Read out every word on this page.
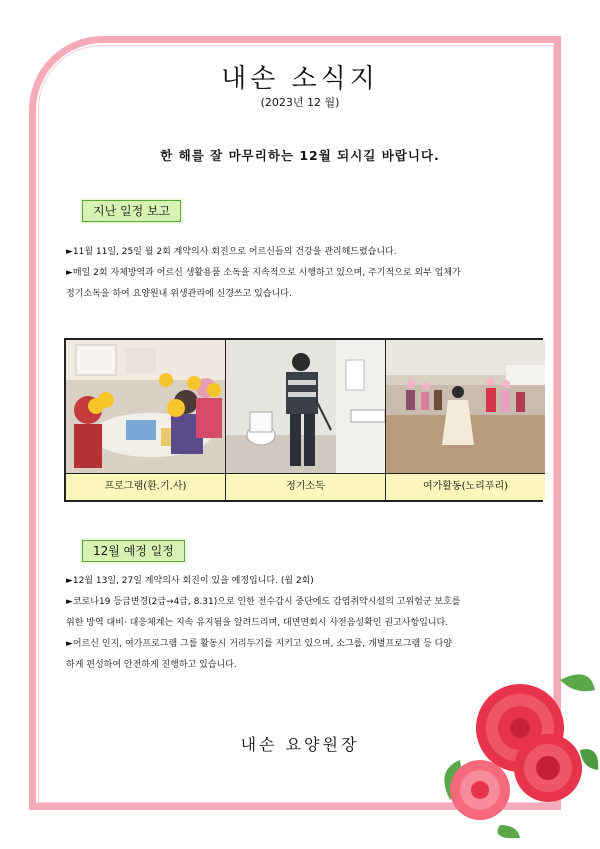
내손 소식지
(2023년 12 월)
한 해를 잘 마무리하는 12월 되시길 바랍니다.
지난 일정 보고

►11월 11일, 25일 월 2회 계약의사 회진으로 어르신들의 건강을 관리해드렸습니다.

►매일 2회 자체방역과 어르신 생활용품 소독을 지속적으로 시행하고 있으며, 주기적으로 외부 업체가

정기소독을 하여 요양원내 위생관리에 신경쓰고 있습니다.

프로그램(환.기.사)	정기소독	여가활동(노리푸리)
12월 예정 일정

►12월 13일, 27일 계약의사 회진이 있을 예정입니다. (월 2회)

►코로나19 등급변경(2급→4급, 8.31)으로 인한 전수감시 중단에도 감염취약시설의 고위험군 보호를

위한 방역 대비· 대응체계는 지속 유지됨을 알려드리며, 대면면회시 사전음성확인 권고사항입니다.

►어르신 인지, 여가프로그램 그룹 활동시 거리두기를 지키고 있으며, 소그룹, 개별프로그램 등 다양

하게 편성하여 안전하게 진행하고 있습니다.

내손 요양원장
